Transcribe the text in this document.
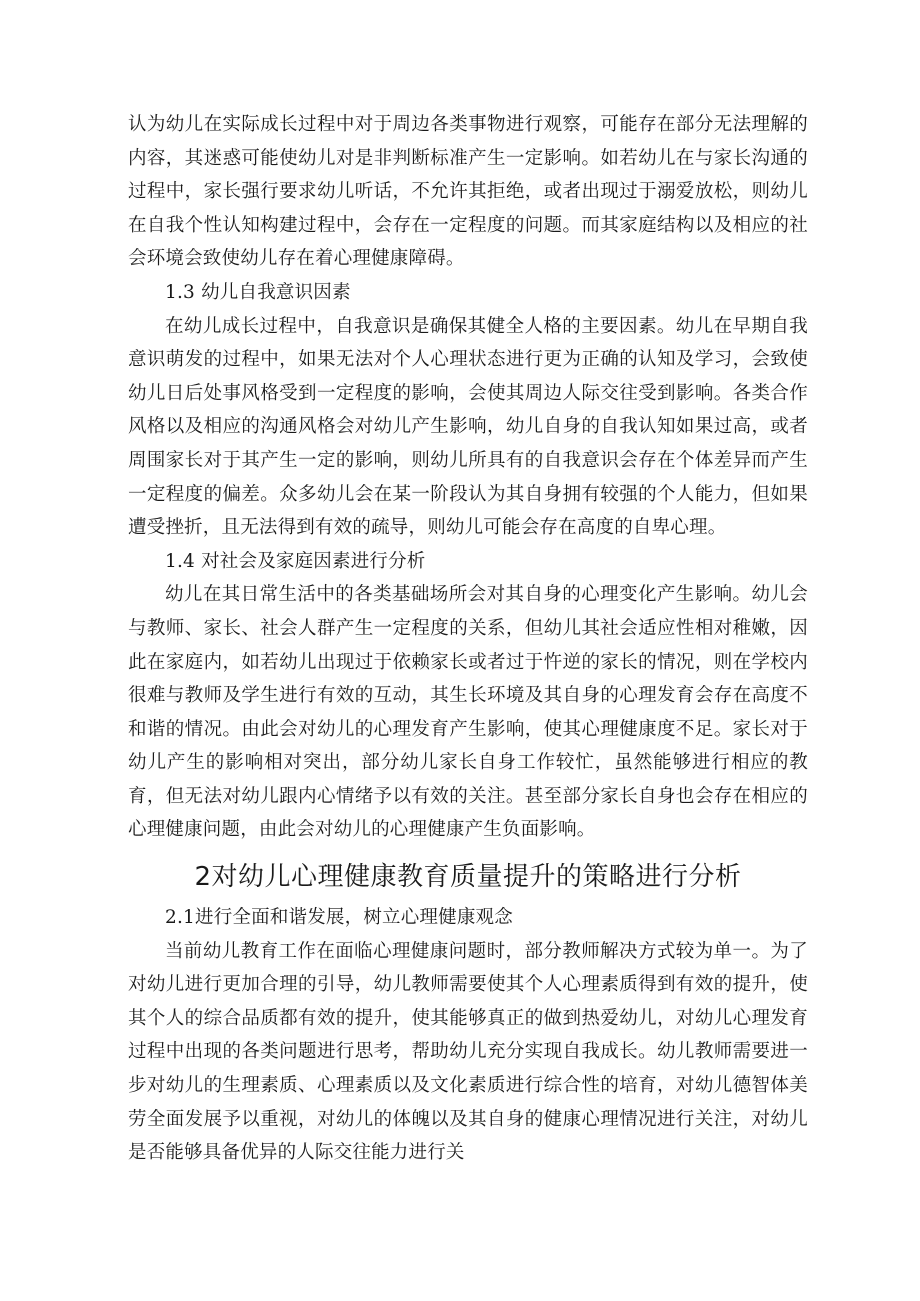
认为幼儿在实际成长过程中对于周边各类事物进行观察，可能存在部分无法理解的内容，其迷惑可能使幼儿对是非判断标准产生一定影响。如若幼儿在与家长沟通的过程中，家长强行要求幼儿听话，不允许其拒绝，或者出现过于溺爱放松，则幼儿在自我个性认知构建过程中，会存在一定程度的问题。而其家庭结构以及相应的社会环境会致使幼儿存在着心理健康障碍。

1.3 幼儿自我意识因素

在幼儿成长过程中，自我意识是确保其健全人格的主要因素。幼儿在早期自我意识萌发的过程中，如果无法对个人心理状态进行更为正确的认知及学习，会致使幼儿日后处事风格受到一定程度的影响，会使其周边人际交往受到影响。各类合作风格以及相应的沟通风格会对幼儿产生影响，幼儿自身的自我认知如果过高，或者周围家长对于其产生一定的影响，则幼儿所具有的自我意识会存在个体差异而产生一定程度的偏差。众多幼儿会在某一阶段认为其自身拥有较强的个人能力，但如果遭受挫折，且无法得到有效的疏导，则幼儿可能会存在高度的自卑心理。

1.4 对社会及家庭因素进行分析

幼儿在其日常生活中的各类基础场所会对其自身的心理变化产生影响。幼儿会与教师、家长、社会人群产生一定程度的关系，但幼儿其社会适应性相对稚嫩，因此在家庭内，如若幼儿出现过于依赖家长或者过于忤逆的家长的情况，则在学校内很难与教师及学生进行有效的互动，其生长环境及其自身的心理发育会存在高度不和谐的情况。由此会对幼儿的心理发育产生影响，使其心理健康度不足。家长对于幼儿产生的影响相对突出，部分幼儿家长自身工作较忙，虽然能够进行相应的教育，但无法对幼儿跟内心情绪予以有效的关注。甚至部分家长自身也会存在相应的心理健康问题，由此会对幼儿的心理健康产生负面影响。

2对幼儿心理健康教育质量提升的策略进行分析

2.1进行全面和谐发展，树立心理健康观念

当前幼儿教育工作在面临心理健康问题时，部分教师解决方式较为单一。为了对幼儿进行更加合理的引导，幼儿教师需要使其个人心理素质得到有效的提升，使其个人的综合品质都有效的提升，使其能够真正的做到热爱幼儿，对幼儿心理发育过程中出现的各类问题进行思考，帮助幼儿充分实现自我成长。幼儿教师需要进一步对幼儿的生理素质、心理素质以及文化素质进行综合性的培育，对幼儿德智体美劳全面发展予以重视，对幼儿的体魄以及其自身的健康心理情况进行关注，对幼儿是否能够具备优异的人际交往能力进行关
